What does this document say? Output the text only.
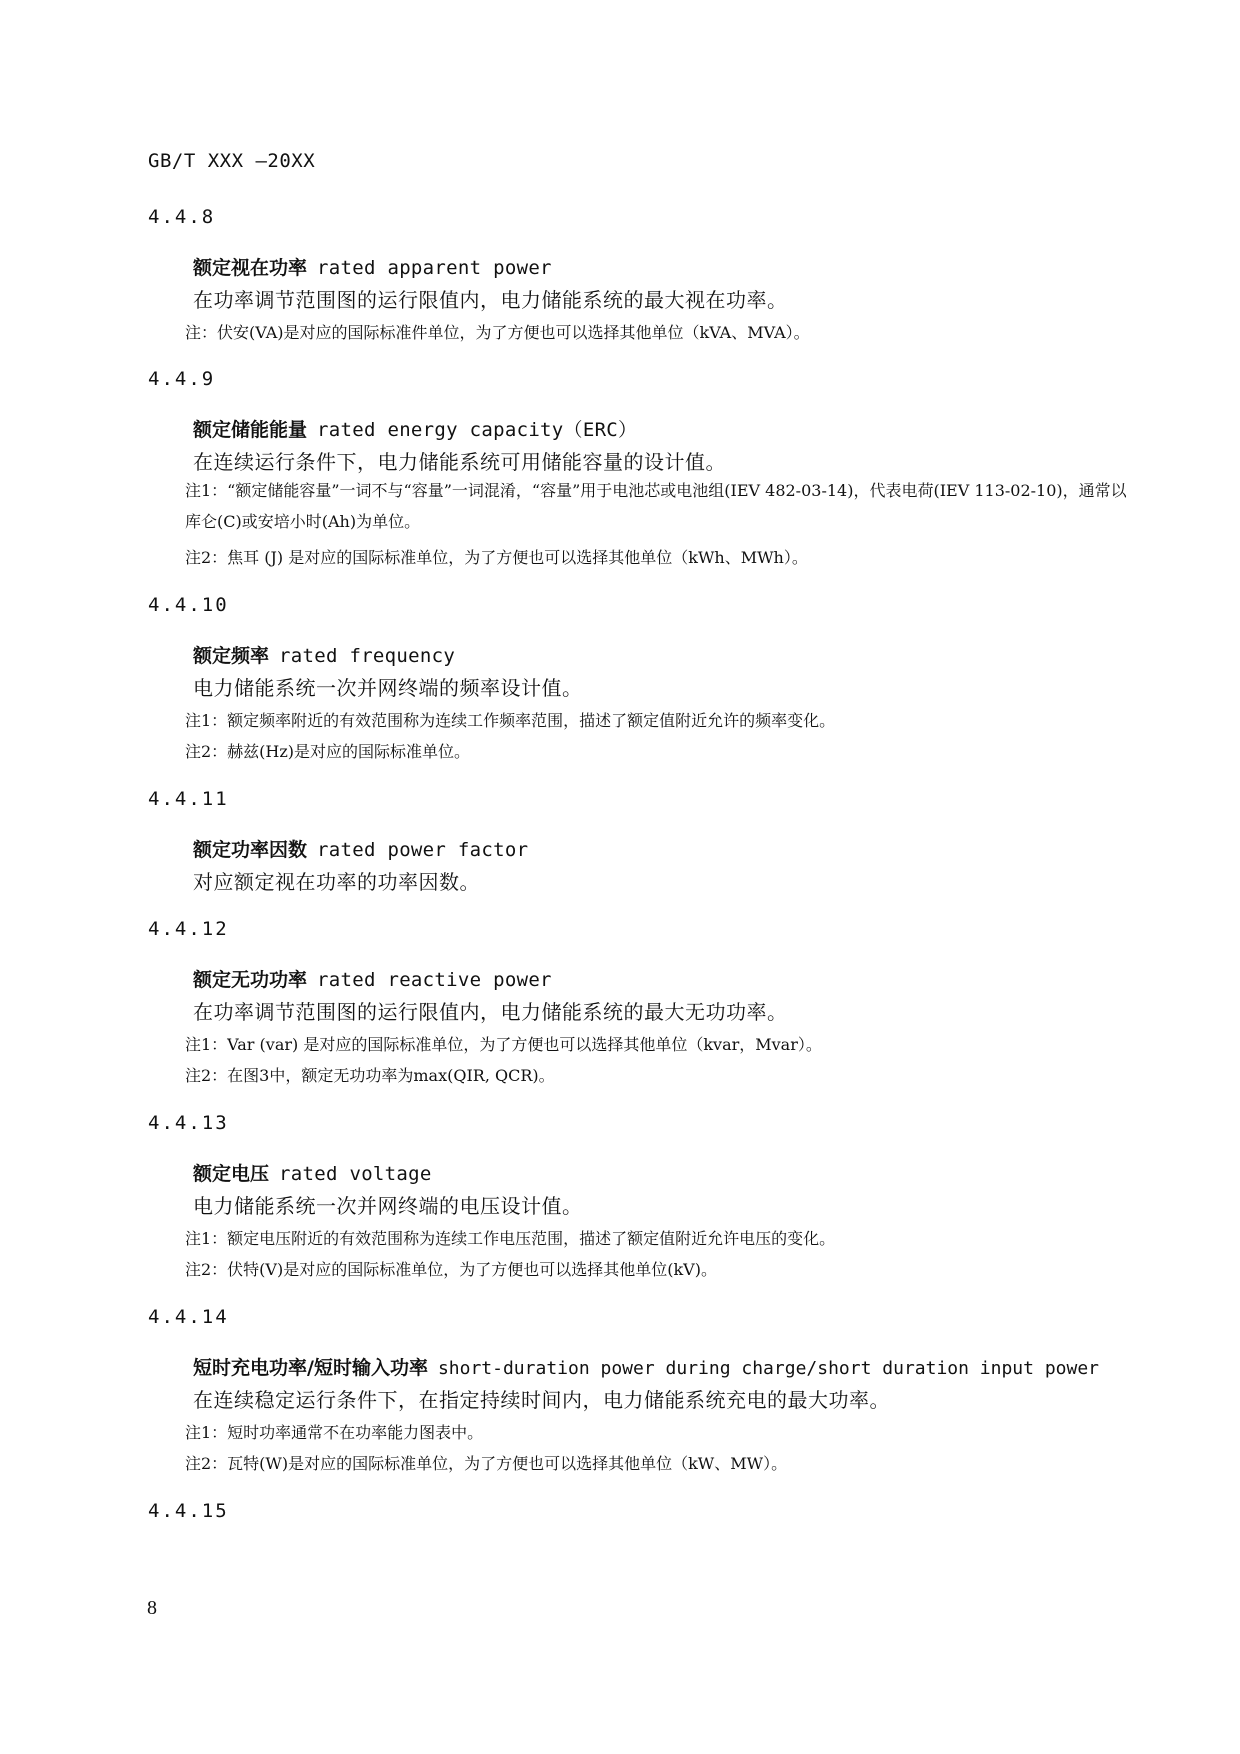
GB/T XXX —20XX
4.4.8
额定视在功率 rated apparent power
在功率调节范围图的运行限值内，电力储能系统的最大视在功率。
注：伏安(VA)是对应的国际标准件单位，为了方便也可以选择其他单位（kVA、MVA）。
4.4.9
额定储能能量 rated energy capacity（ERC）
在连续运行条件下，电力储能系统可用储能容量的设计值。
注1：“额定储能容量”一词不与“容量”一词混淆，“容量”用于电池芯或电池组(IEV 482-03-14)，代表电荷(IEV 113-02-10)，通常以库仑(C)或安培小时(Ah)为单位。
注2：焦耳 (J) 是对应的国际标准单位，为了方便也可以选择其他单位（kWh、MWh）。
4.4.10
额定频率 rated frequency
电力储能系统一次并网终端的频率设计值。
注1：额定频率附近的有效范围称为连续工作频率范围，描述了额定值附近允许的频率变化。
注2：赫兹(Hz)是对应的国际标准单位。
4.4.11
额定功率因数 rated power factor
对应额定视在功率的功率因数。
4.4.12
额定无功功率 rated reactive power
在功率调节范围图的运行限值内，电力储能系统的最大无功功率。
注1：Var (var) 是对应的国际标准单位，为了方便也可以选择其他单位（kvar，Mvar）。
注2：在图3中，额定无功功率为max(QIR, QCR)。
4.4.13
额定电压 rated voltage
电力储能系统一次并网终端的电压设计值。
注1：额定电压附近的有效范围称为连续工作电压范围，描述了额定值附近允许电压的变化。
注2：伏特(V)是对应的国际标准单位，为了方便也可以选择其他单位(kV)。
4.4.14
短时充电功率/短时输入功率 short-duration power during charge/short duration input power
在连续稳定运行条件下，在指定持续时间内，电力储能系统充电的最大功率。
注1：短时功率通常不在功率能力图表中。
注2：瓦特(W)是对应的国际标准单位，为了方便也可以选择其他单位（kW、MW）。
4.4.15
8
